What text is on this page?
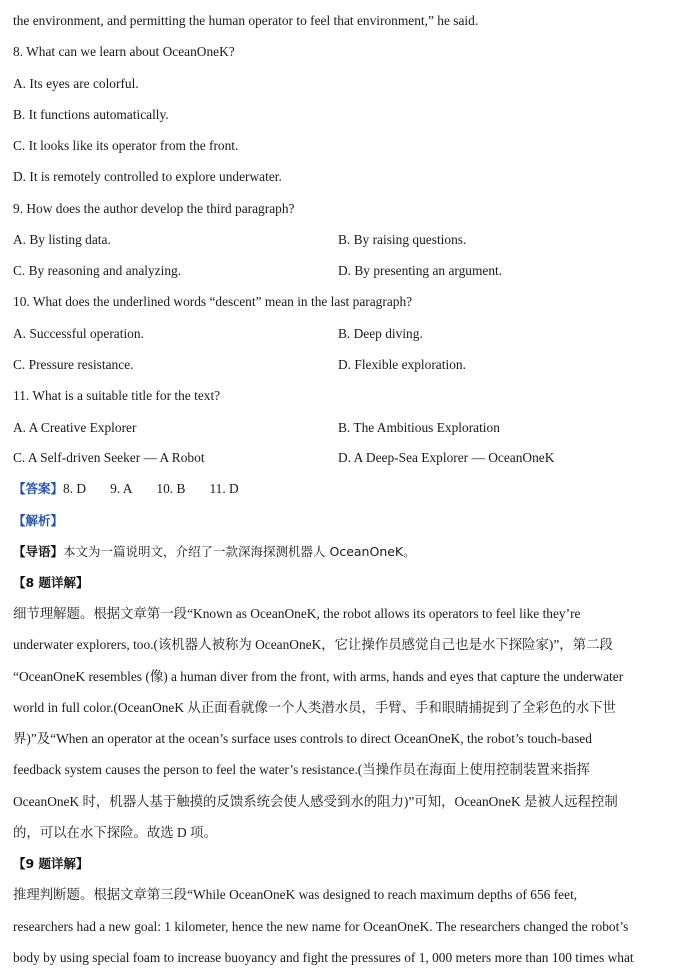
the environment, and permitting the human operator to feel that environment,” he said.
8. What can we learn about OceanOneK?
A. Its eyes are colorful.
B. It functions automatically.
C. It looks like its operator from the front.
D. It is remotely controlled to explore underwater.
9. How does the author develop the third paragraph?
A. By listing data.	B. By raising questions.
C. By reasoning and analyzing.	D. By presenting an argument.
10. What does the underlined words “descent” mean in the last paragraph?
A. Successful operation.	B. Deep diving.
C. Pressure resistance.	D. Flexible exploration.
11. What is a suitable title for the text?
A. A Creative Explorer	B. The Ambitious Exploration
C. A Self-driven Seeker — A Robot	D. A Deep-Sea Explorer — OceanOneK
【答案】8. D 9. A 10. B 11. D
【解析】
【导语】本文为一篇说明文，介绍了一款深海探测机器人 OceanOneK。
【8 题详解】
细节理解题。根据文章第一段“Known as OceanOneK, the robot allows its operators to feel like they’re
underwater explorers, too.(该机器人被称为 OceanOneK，它让操作员感觉自己也是水下探险家)”，第二段
“OceanOneK resembles (像) a human diver from the front, with arms, hands and eyes that capture the underwater
world in full color.(OceanOneK 从正面看就像一个人类潜水员，手臂、手和眼睛捕捉到了全彩色的水下世
界)”及“When an operator at the ocean’s surface uses controls to direct OceanOneK, the robot’s touch-based
feedback system causes the person to feel the water’s resistance.(当操作员在海面上使用控制装置来指挥
OceanOneK 时，机器人基于触摸的反馈系统会使人感受到水的阻力)”可知，OceanOneK 是被人远程控制
的，可以在水下探险。故选 D 项。
【9 题详解】
推理判断题。根据文章第三段“While OceanOneK was designed to reach maximum depths of 656 feet,
researchers had a new goal: 1 kilometer, hence the new name for OceanOneK. The researchers changed the robot’s
body by using special foam to increase buoyancy and fight the pressures of 1, 000 meters more than 100 times what
